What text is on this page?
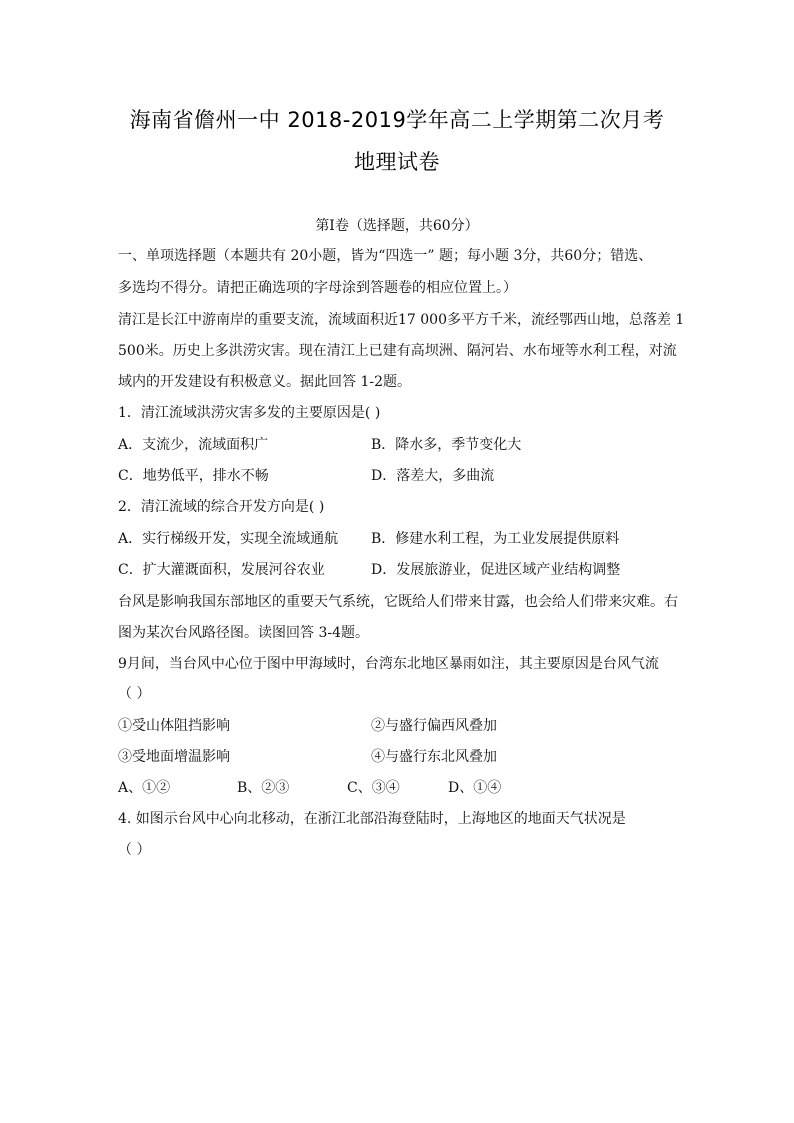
海南省儋州一中 2018-2019学年高二上学期第二次月考
地理试卷
第Ⅰ卷（选择题，共60分）
一、单项选择题（本题共有 20小题，皆为“四选一” 题；每小题 3分，共60分；错选、
多选均不得分。请把正确选项的字母涂到答题卷的相应位置上。）
清江是长江中游南岸的重要支流，流域面积近17 000多平方千米，流经鄂西山地，总落差 1
500米。历史上多洪涝灾害。现在清江上已建有高坝洲、隔河岩、水布垭等水利工程，对流
域内的开发建设有积极意义。据此回答 1-2题。
1．清江流域洪涝灾害多发的主要原因是( )
A．支流少，流域面积广	B．降水多，季节变化大
C．地势低平，排水不畅	D．落差大，多曲流
2．清江流域的综合开发方向是( )
A．实行梯级开发，实现全流域通航 B．修建水利工程，为工业发展提供原料
C．扩大灌溉面积，发展河谷农业	D．发展旅游业，促进区域产业结构调整
台风是影响我国东部地区的重要天气系统，它既给人们带来甘露，也会给人们带来灾难。右
图为某次台风路径图。读图回答 3-4题。
9月间，当台风中心位于图中甲海域时，台湾东北地区暴雨如注，其主要原因是台风气流
（ ）
①受山体阻挡影响	②与盛行偏西风叠加
③受地面增温影响	④与盛行东北风叠加
A、①②	B、②③	C、③④	D、①④
4. 如图示台风中心向北移动，在浙江北部沿海登陆时，上海地区的地面天气状况是
（ ）
